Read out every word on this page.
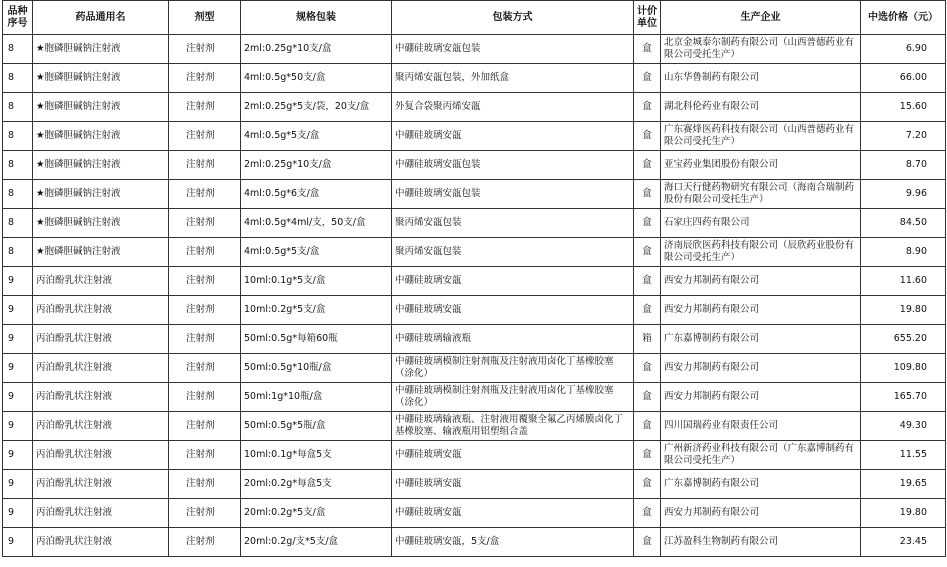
品种序号	药品通用名	剂型	规格包装	包装方式	计价单位	生产企业	中选价格（元）
8	★胞磷胆碱钠注射液	注射剂	2ml:0.25g*10支/盒	中硼硅玻璃安瓿包装	盒	北京金城泰尔制药有限公司（山西普德药业有限公司受托生产）	6.90
8	★胞磷胆碱钠注射液	注射剂	4ml:0.5g*50支/盒	聚丙烯安瓿包装，外加纸盒	盒	山东华鲁制药有限公司	66.00
8	★胞磷胆碱钠注射液	注射剂	2ml:0.25g*5支/袋，20支/盒	外复合袋聚丙烯安瓿	盒	湖北科伦药业有限公司	15.60
8	★胞磷胆碱钠注射液	注射剂	4ml:0.5g*5支/盒	中硼硅玻璃安瓿	盒	广东赛烽医药科技有限公司（山西普德药业有限公司受托生产）	7.20
8	★胞磷胆碱钠注射液	注射剂	2ml:0.25g*10支/盒	中硼硅玻璃安瓿包装	盒	亚宝药业集团股份有限公司	8.70
8	★胞磷胆碱钠注射液	注射剂	4ml:0.5g*6支/盒	中硼硅玻璃安瓿包装	盒	海口天行健药物研究有限公司（海南合瑞制药股份有限公司受托生产）	9.96
8	★胞磷胆碱钠注射液	注射剂	4ml:0.5g*4ml/支，50支/盒	聚丙烯安瓿包装	盒	石家庄四药有限公司	84.50
8	★胞磷胆碱钠注射液	注射剂	4ml:0.5g*5支/盒	聚丙烯安瓿包装	盒	济南辰欣医药科技有限公司（辰欣药业股份有限公司受托生产）	8.90
9	丙泊酚乳状注射液	注射剂	10ml:0.1g*5支/盒	中硼硅玻璃安瓿	盒	西安力邦制药有限公司	11.60
9	丙泊酚乳状注射液	注射剂	10ml:0.2g*5支/盒	中硼硅玻璃安瓿	盒	西安力邦制药有限公司	19.80
9	丙泊酚乳状注射液	注射剂	50ml:0.5g*每箱60瓶	中硼硅玻璃输液瓶	箱	广东嘉博制药有限公司	655.20
9	丙泊酚乳状注射液	注射剂	50ml:0.5g*10瓶/盒	中硼硅玻璃模制注射剂瓶及注射液用卤化丁基橡胶塞（涂化）	盒	西安力邦制药有限公司	109.80
9	丙泊酚乳状注射液	注射剂	50ml:1g*10瓶/盒	中硼硅玻璃模制注射剂瓶及注射液用卤化丁基橡胶塞（涂化）	盒	西安力邦制药有限公司	165.70
9	丙泊酚乳状注射液	注射剂	50ml:0.5g*5瓶/盒	中硼硅玻璃输液瓶、注射液用覆聚全氟乙丙烯膜卤化丁基橡胶塞、输液瓶用铝塑组合盖	盒	四川国瑞药业有限责任公司	49.30
9	丙泊酚乳状注射液	注射剂	10ml:0.1g*每盒5支	中硼硅玻璃安瓿	盒	广州新济药业科技有限公司（广东嘉博制药有限公司受托生产）	11.55
9	丙泊酚乳状注射液	注射剂	20ml:0.2g*每盒5支	中硼硅玻璃安瓿	盒	广东嘉博制药有限公司	19.65
9	丙泊酚乳状注射液	注射剂	20ml:0.2g*5支/盒	中硼硅玻璃安瓿	盒	西安力邦制药有限公司	19.80
9	丙泊酚乳状注射液	注射剂	20ml:0.2g/支*5支/盒	中硼硅玻璃安瓿，5支/盒	盒	江苏盈科生物制药有限公司	23.45
